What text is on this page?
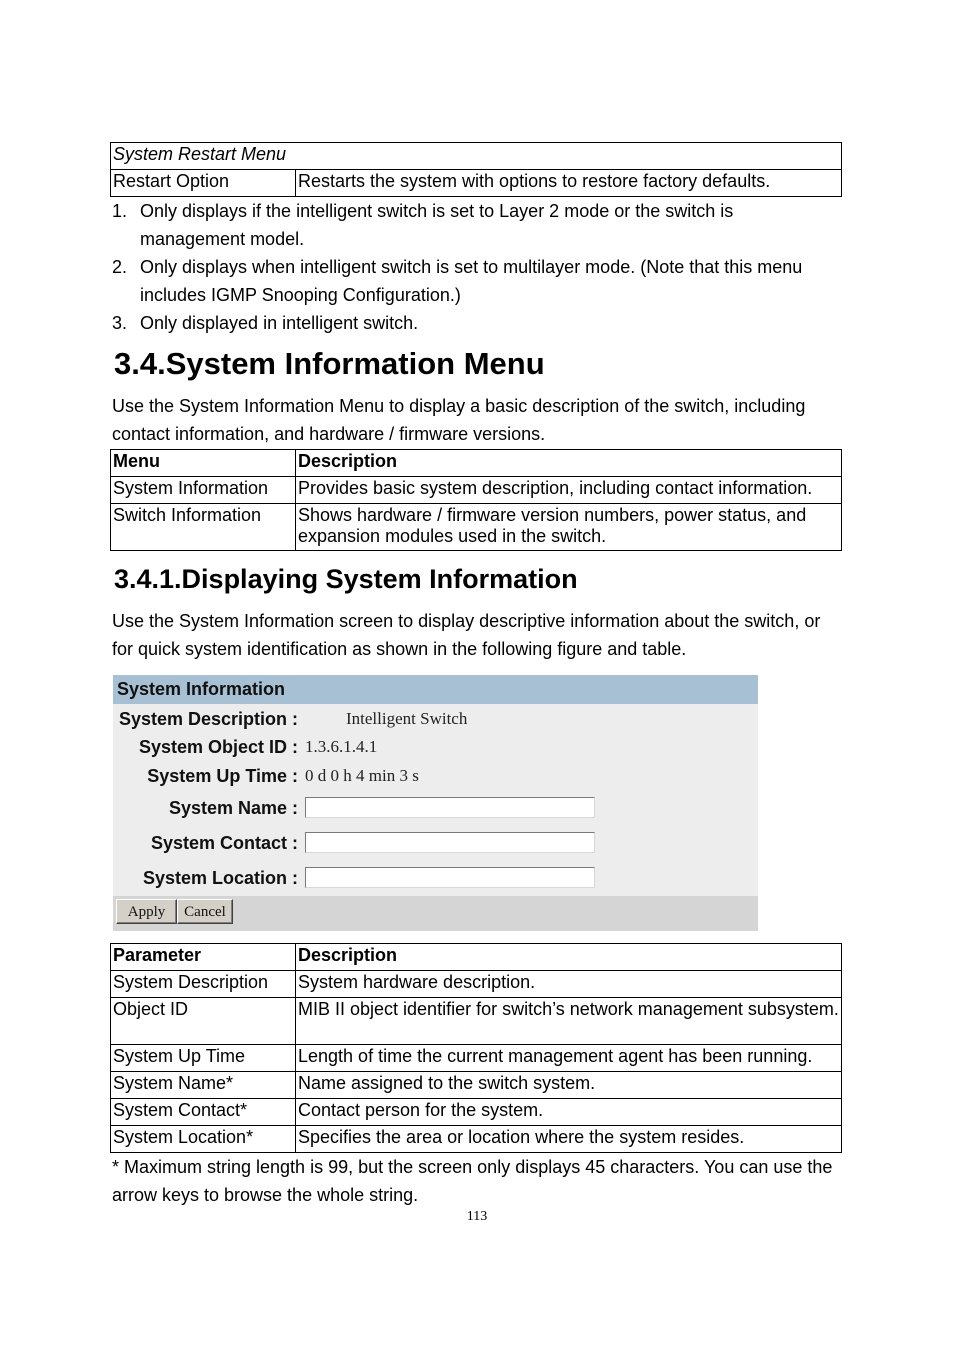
System Restart Menu
Restart Option	Restarts the system with options to restore factory defaults.
1. Only displays if the intelligent switch is set to Layer 2 mode or the switch is management model.
2. Only displays when intelligent switch is set to multilayer mode. (Note that this menu includes IGMP Snooping Configuration.)
3. Only displayed in intelligent switch.
3.4.System Information Menu

Use the System Information Menu to display a basic description of the switch, including contact information, and hardware / firmware versions.

Menu	Description
System Information	Provides basic system description, including contact information.
Switch Information	Shows hardware / firmware version numbers, power status, and expansion modules used in the switch.
3.4.1.Displaying System Information

Use the System Information screen to display descriptive information about the switch, or for quick system identification as shown in the following figure and table.

System Information
System Description :	Intelligent Switch
System Object ID : 1.3.6.1.4.1
System Up Time : 0 d 0 h 4 min 3 s
System Name :
System Contact :
System Location :
Apply	Cancel
Parameter	Description
System Description	System hardware description.
Object ID	MIB II object identifier for switch’s network management subsystem.
System Up Time	Length of time the current management agent has been running.
System Name*	Name assigned to the switch system.
System Contact*	Contact person for the system.
System Location*	Specifies the area or location where the system resides.

* Maximum string length is 99, but the screen only displays 45 characters. You can use the arrow keys to browse the whole string.

113
